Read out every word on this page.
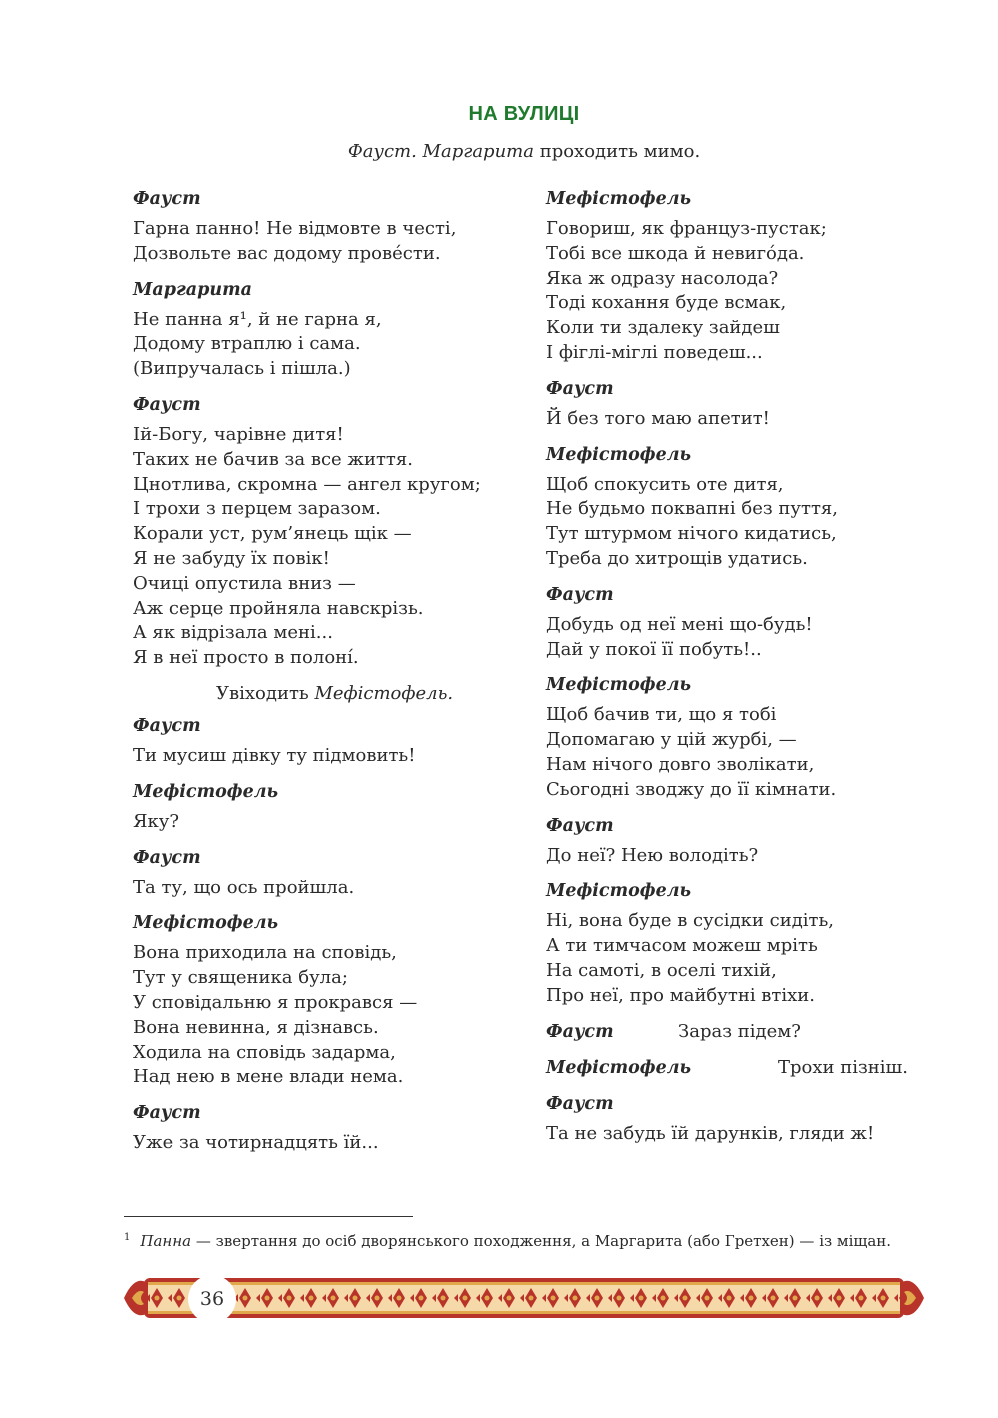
НА ВУЛИЦІ
Фауст. Маргарита проходить мимо.
Фауст
Гарна панно! Не відмовте в честі,
Дозвольте вас додому прове́сти.
Маргарита
Не панна я¹, й не гарна я,
Додому втраплю і сама.
(Випручалась і пішла.)
Фауст
Ій-Богу, чарівне дитя!
Таких не бачив за все життя.
Цнотлива, скромна — ангел кругом;
І трохи з перцем заразом.
Корали уст, рум’янець щік —
Я не забуду їх повік!
Очиці опустила вниз —
Аж серце пройняла навскрізь.
А як відрізала мені...
Я в неї просто в полоні́.
Увіходить Мефістофель.
Фауст
Ти мусиш дівку ту підмовить!
Мефістофель
Яку?
Фауст
Та ту, що ось пройшла.
Мефістофель
Вона приходила на сповідь,
Тут у священика була;
У сповідальню я прокрався —
Вона невинна, я дізнавсь.
Ходила на сповідь задарма,
Над нею в мене влади нема.
Фауст
Уже за чотирнадцять їй...
Мефістофель
Говориш, як француз-пустак;
Тобі все шкода й невиго́да.
Яка ж одразу насолода?
Тоді кохання буде всмак,
Коли ти здалеку зайдеш
І фіглі-міглі поведеш...
Фауст
Й без того маю апетит!
Мефістофель
Щоб спокусить оте дитя,
Не будьмо поквапні без пуття,
Тут штурмом нічого кидатись,
Треба до хитрощів удатись.
Фауст
Добудь од неї мені що-будь!
Дай у покої її побуть!..
Мефістофель
Щоб бачив ти, що я тобі
Допомагаю у цій журбі, —
Нам нічого довго зволікати,
Сьогодні зводжу до її кімнати.
Фауст
До неї? Нею володіть?
Мефістофель
Ні, вона буде в сусідки сидіть,
А ти тимчасом можеш мріть
На самоті, в оселі тихій,
Про неї, про майбутні втіхи.
Фауст	Зараз підем?
Мефістофель	Трохи пізніш.
Фауст
Та не забудь їй дарунків, гляди ж!
$^1$ Панна — звертання до осіб дворянського походження, а Маргарита (або Гретхен) — із міщан.
36
